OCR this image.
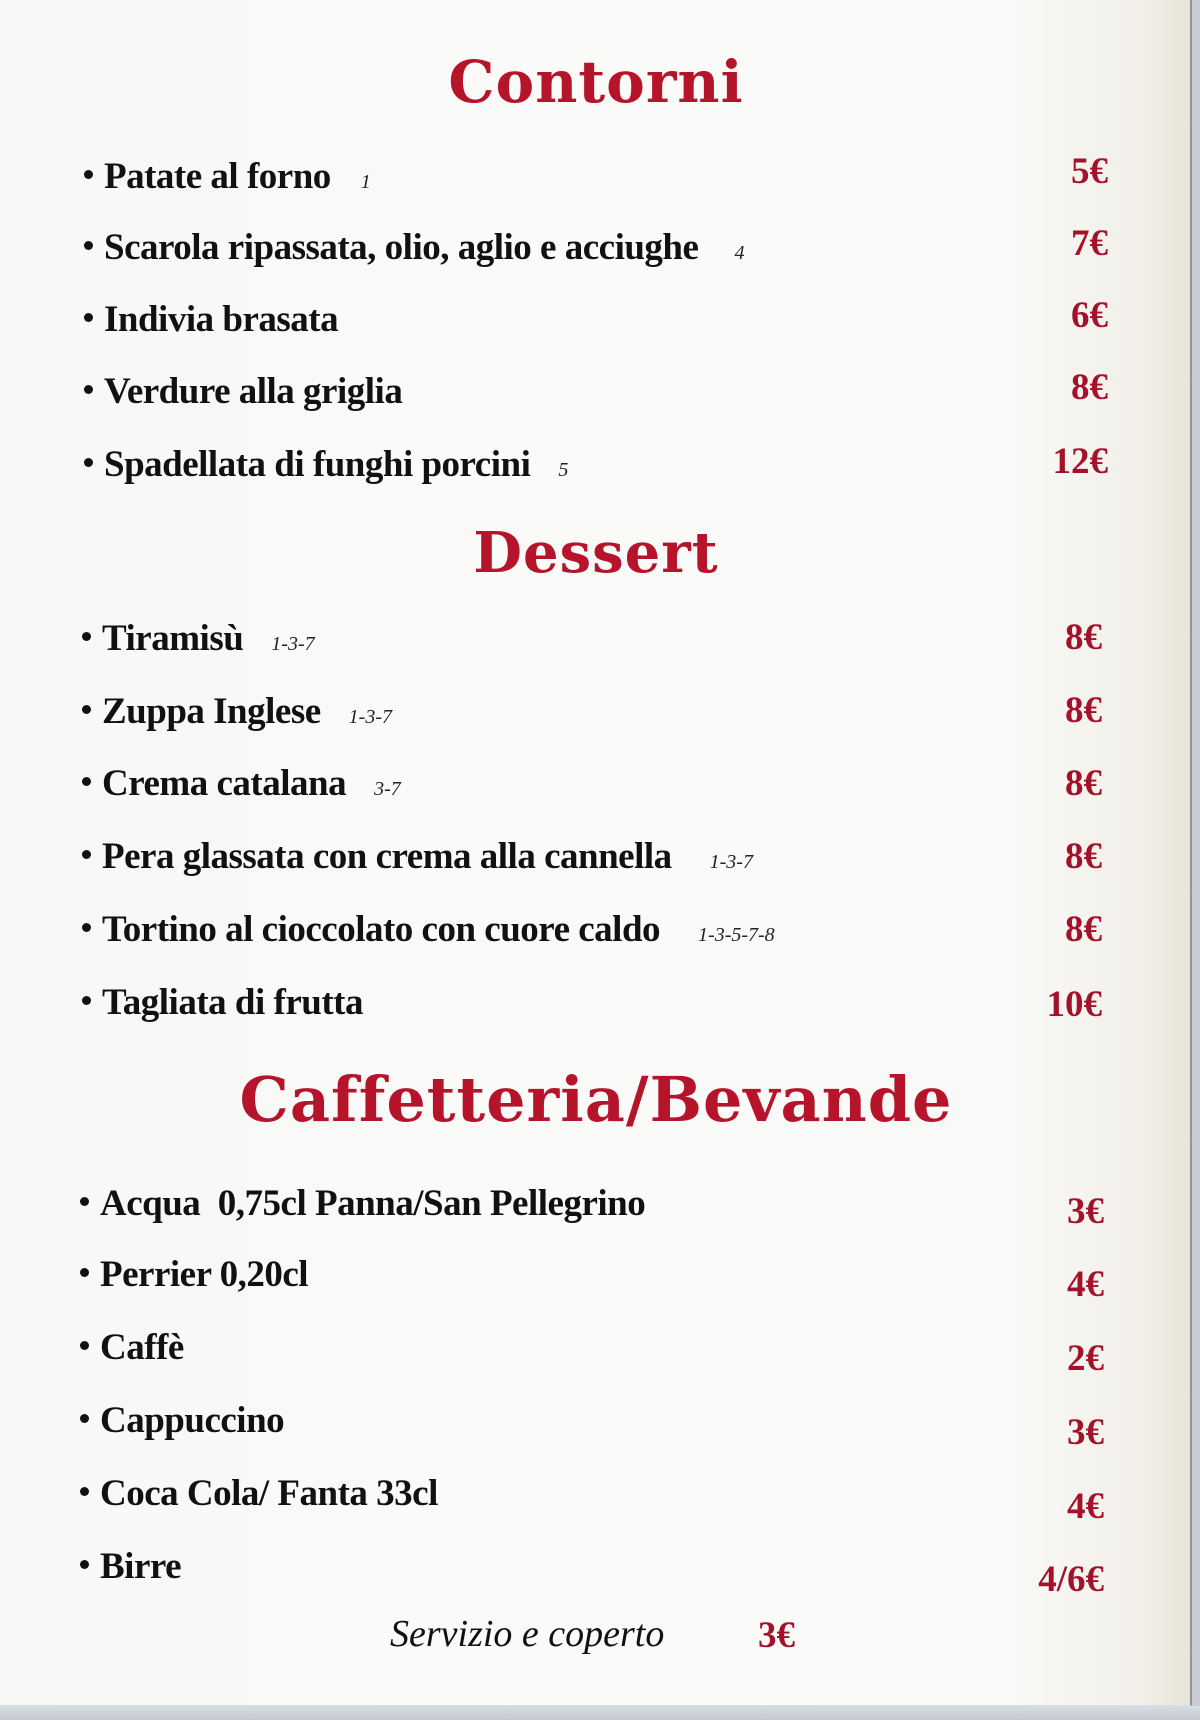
Contorni
Patate al forno 1	5€
Scarola ripassata, olio, aglio e acciughe 4	7€
Indivia brasata	6€
Verdure alla griglia	8€
Spadellata di funghi porcini 5	12€
Dessert
Tiramisù 1-3-7	8€
Zuppa Inglese 1-3-7	8€
Crema catalana 3-7	8€
Pera glassata con crema alla cannella 1-3-7	8€
Tortino al cioccolato con cuore caldo 1-3-5-7-8	8€
Tagliata di frutta	10€
Caffetteria/Bevande
Acqua  0,75cl Panna/San Pellegrino	3€
Perrier 0,20cl	4€
Caffè	2€
Cappuccino	3€
Coca Cola/ Fanta 33cl	4€
Birre	4/6€
Servizio e coperto	3€
